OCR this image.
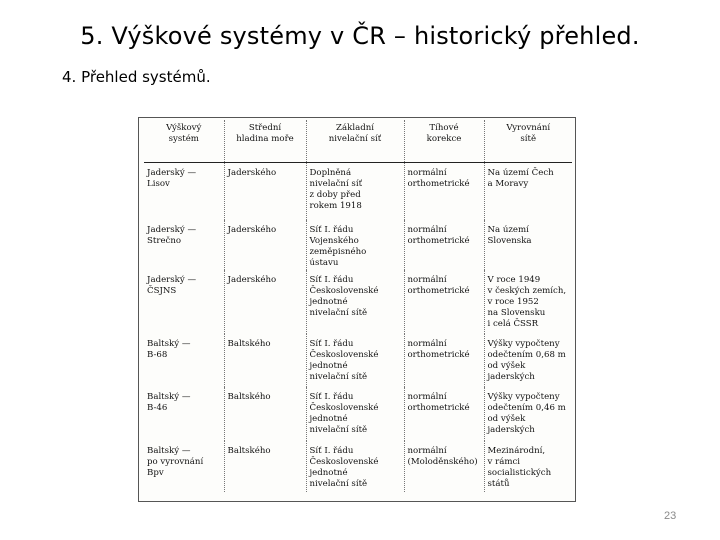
5. Výškové systémy v ČR – historický přehled.
4. Přehled systémů.
Výškový
systém	Střední
hladina moře	Základní
nivelační síť	Tíhové
korekce	Vyrovnání
sítě
Jaderský —
Lisov	Jaderského	Doplněná
nivelační síť
z doby před
rokem 1918	normální
orthometrické	Na území Čech
a Moravy
Jaderský —
Strečno	Jaderského	Síť I. řádu
Vojenského
zeměpisného
ústavu	normální
orthometrické	Na území
Slovenska
Jaderský —
ČSJNS	Jaderského	Síť I. řádu
Československé
jednotné
nivelační sítě	normální
orthometrické	V roce 1949
v českých zemích,
v roce 1952
na Slovensku
i celá ČSSR
Baltský —
B-68	Baltského	Síť I. řádu
Československé
jednotné
nivelační sítě	normální
orthometrické	Výšky vypočteny
odečtením 0,68 m
od výšek
jaderských
Baltský —
B-46	Baltského	Síť I. řádu
Československé
jednotné
nivelační sítě	normální
orthometrické	Výšky vypočteny
odečtením 0,46 m
od výšek
jaderských
Baltský —
po vyrovnání
Bpv	Baltského	Síť I. řádu
Československé
jednotné
nivelační sítě	normální
(Moloděnského)	Mezinárodní,
v rámci
socialistických
států
23
